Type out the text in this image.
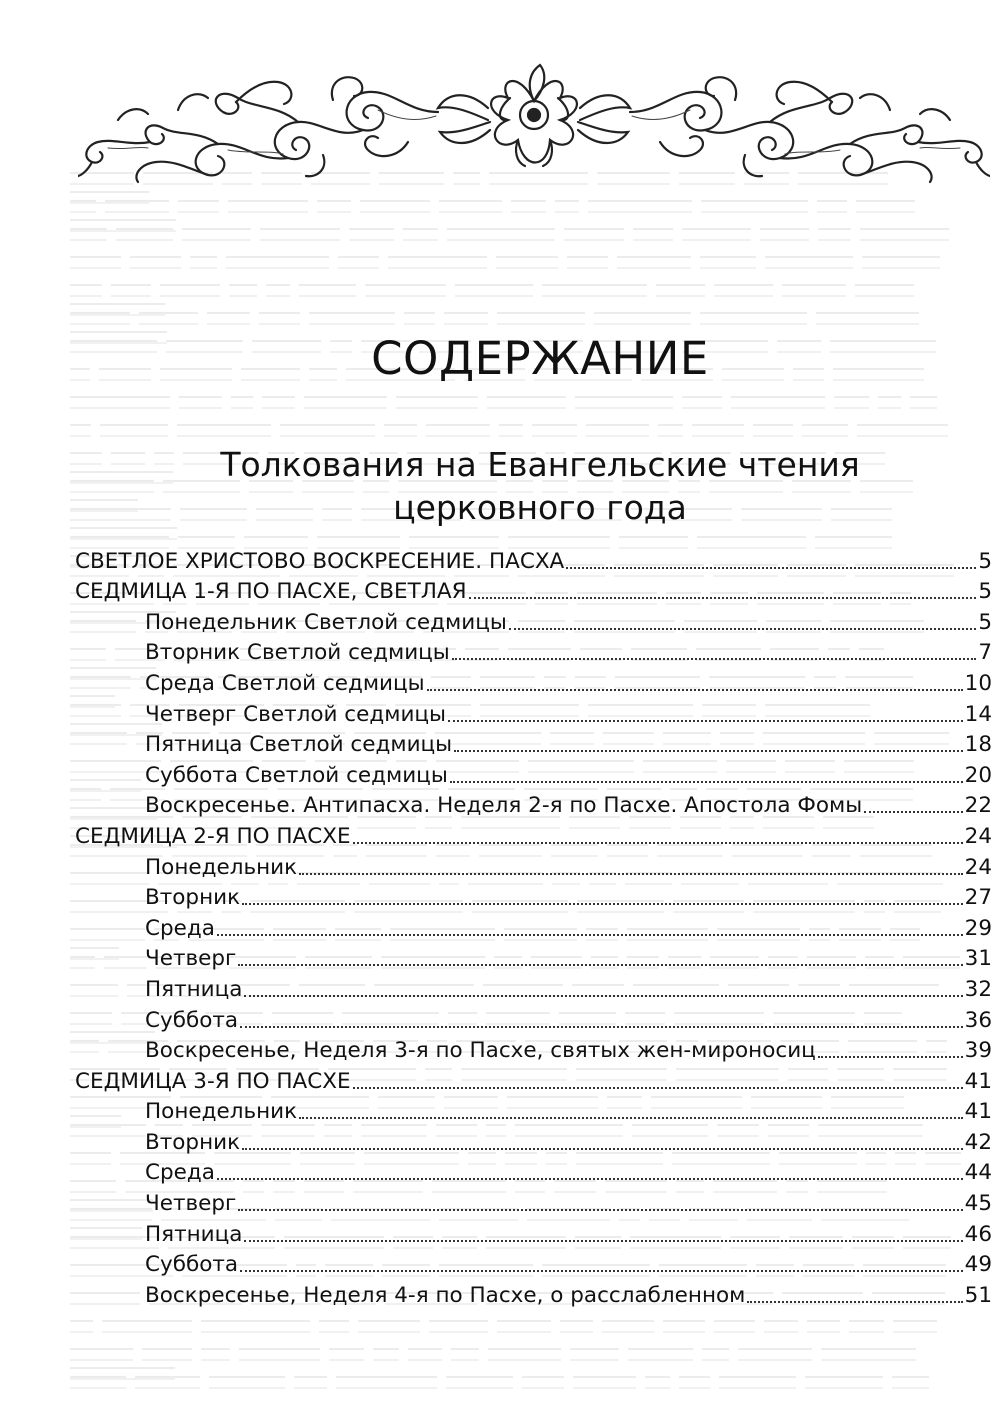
СОДЕРЖАНИЕ
Толкования на Евангельские чтения
церковного года
СВЕТЛОЕ ХРИСТОВО ВОСКРЕСЕНИЕ. ПАСХА	5
СЕДМИЦА 1-Я ПО ПАСХЕ, СВЕТЛАЯ	5
Понедельник Светлой седмицы	5
Вторник Светлой седмицы	7
Среда Светлой седмицы	10
Четверг Светлой седмицы	14
Пятница Светлой седмицы	18
Суббота Светлой седмицы	20
Воскресенье. Антипасха. Неделя 2-я по Пасхе. Апостола Фомы	22
СЕДМИЦА 2-Я ПО ПАСХЕ	24
Понедельник	24
Вторник	27
Среда	29
Четверг	31
Пятница	32
Суббота	36
Воскресенье, Неделя 3-я по Пасхе, святых жен-мироносиц	39
СЕДМИЦА 3-Я ПО ПАСХЕ	41
Понедельник	41
Вторник	42
Среда	44
Четверг	45
Пятница	46
Суббота	49
Воскресенье, Неделя 4-я по Пасхе, о расслабленном	51
